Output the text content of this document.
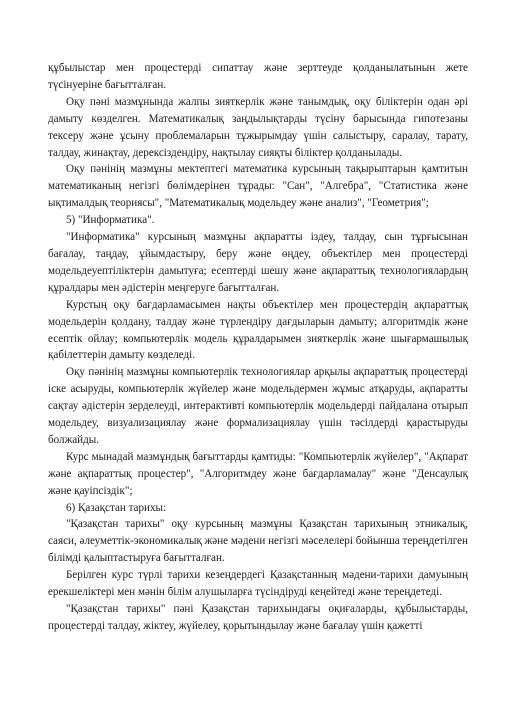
құбылыстар мен процестерді сипаттау және зерттеуде қолданылатынын жете түсінуеріне бағытталған.

Оқу пәні мазмұнында жалпы зияткерлік және танымдық, оқу біліктерін одан әрі дамыту көзделген. Математикалық заңдылықтарды түсіну барысында гипотезаны тексеру және ұсыну проблемаларын тұжырымдау үшін салыстыру, саралау, тарату, талдау, жинақтау, дерексіздендіру, нақтылау сияқты біліктер қолданылады.

Оқу пәнінің мазмұны мектептегі математика курсының тақырыптарын қамтитын математиканың негізгі бөлімдерінен тұрады: "Сан", "Алгебра", "Статистика және ықтималдық теориясы", "Математикалық модельдеу және анализ", "Геометрия";

5) "Информатика".

"Информатика" курсының мазмұны ақпаратты іздеу, талдау, сын тұрғысынан бағалау, таңдау, ұйымдастыру, беру және өңдеу, объектілер мен процестерді модельдеуептіліктерін дамытуға; есептерді шешу және ақпараттық технологиялардың құралдары мен әдістерін меңгеруге бағытталған.

Курстың оқу бағдарламасымен нақты объектілер мен процестердің ақпараттық модельдерін қолдану, талдау және түрлендіру дағдыларын дамыту; алгоритмдік және есептік ойлау; компьютерлік модель құралдарымен зияткерлік және шығармашылық қабілеттерін дамыту көзделеді.

Оқу пәнінің мазмұны компьютерлік технологиялар арқылы ақпараттық процестерді іске асыруды, компьютерлік жүйелер және модельдермен жұмыс атқаруды, ақпаратты сақтау әдістерін зерделеуді, интерактивті компьютерлік модельдерді пайдалана отырып модельдеу, визуализациялау және формализациялау үшін тәсілдерді қарастыруды болжайды.

Курс мынадай мазмұндық бағыттарды қамтиды: "Компьютерлік жүйелер", "Ақпарат және ақпараттық процестер", "Алгоритмдеу және бағдарламалау" және "Денсаулық және қауіпсіздік";

6) Қазақстан тарихы:

"Қазақстан тарихы" оқу курсының мазмұны Қазақстан тарихының этникалық, саяси, әлеуметтік-экономикалық және мәдени негізгі мәселелері бойынша тереңдетілген білімді қалыптастыруға бағытталған.

Берілген курс түрлі тарихи кезеңдердегі Қазақстанның мәдени-тарихи дамуының ерекшеліктері мен мәнін білім алушыларға түсіндіруді кеңейтеді және тереңдетеді.

"Қазақстан тарихы" пәні Қазақстан тарихындағы оқиғаларды, құбылыстарды, процестерді талдау, жіктеу, жүйелеу, қорытындылау және бағалау үшін қажетті
